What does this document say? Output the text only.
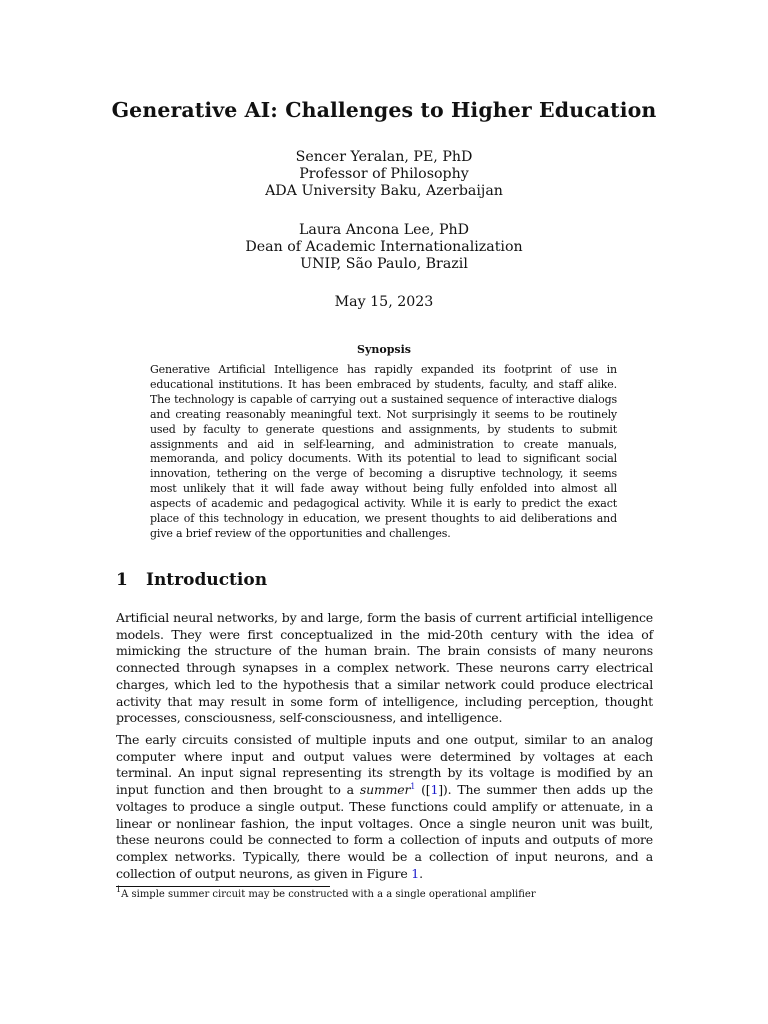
Generative AI: Challenges to Higher Education
Sencer Yeralan, PE, PhD
Professor of Philosophy
ADA University Baku, Azerbaijan
Laura Ancona Lee, PhD
Dean of Academic Internationalization
UNIP, São Paulo, Brazil
May 15, 2023
Synopsis
Generative Artificial Intelligence has rapidly expanded its footprint of use in educational institutions. It has been embraced by students, faculty, and staff alike. The technology is capable of carrying out a sustained sequence of interactive dialogs and creating reasonably meaningful text. Not surprisingly it seems to be routinely used by faculty to generate questions and assignments, by students to submit assignments and aid in self-learning, and administration to create manuals, memoranda, and policy documents. With its potential to lead to significant social innovation, tethering on the verge of becoming a disruptive technology, it seems most unlikely that it will fade away without being fully enfolded into almost all aspects of academic and pedagogical activity. While it is early to predict the exact place of this technology in education, we present thoughts to aid deliberations and give a brief review of the opportunities and challenges.
1 Introduction
Artificial neural networks, by and large, form the basis of current artificial intelligence models. They were first conceptualized in the mid-20th century with the idea of mimicking the structure of the human brain. The brain consists of many neurons connected through synapses in a complex network. These neurons carry electrical charges, which led to the hypothesis that a similar network could produce electrical activity that may result in some form of intelligence, including perception, thought processes, consciousness, self-consciousness, and intelligence.
The early circuits consisted of multiple inputs and one output, similar to an analog computer where input and output values were determined by voltages at each terminal. An input signal representing its strength by its voltage is modified by an input function and then brought to a summer$^1$ ([1]). The summer then adds up the voltages to produce a single output. These functions could amplify or attenuate, in a linear or nonlinear fashion, the input voltages. Once a single neuron unit was built, these neurons could be connected to form a collection of inputs and outputs of more complex networks. Typically, there would be a collection of input neurons, and a collection of output neurons, as given in Figure 1.
$^1$A simple summer circuit may be constructed with a a single operational amplifier
